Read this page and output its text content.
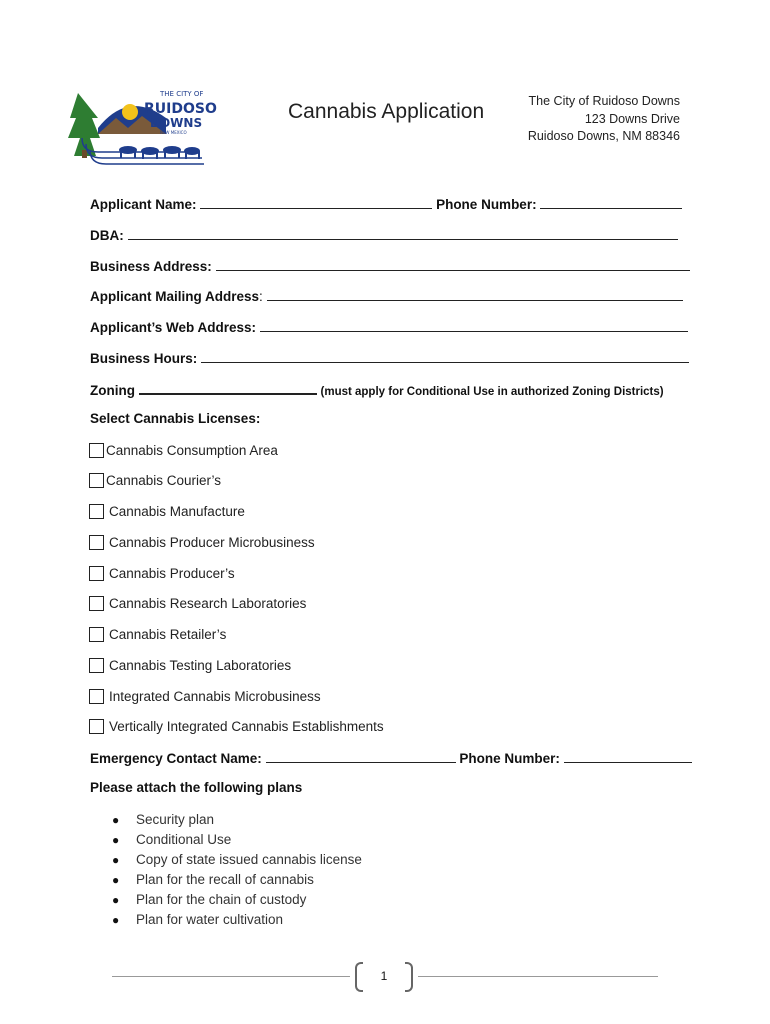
THE CITY OF
RUIDOSO
DOWNS
NEW MEXICO
Cannabis Application	The City of Ruidoso Downs
123 Downs Drive
Ruidoso Downs, NM 88346
Applicant Name:	Phone Number:
DBA:
Business Address:
Applicant Mailing Address:
Applicant’s Web Address:
Business Hours:
Zoning	(must apply for Conditional Use in authorized Zoning Districts)
Select Cannabis Licenses:
Cannabis Consumption Area
Cannabis Courier’s
Cannabis Manufacture
Cannabis Producer Microbusiness
Cannabis Producer’s
Cannabis Research Laboratories
Cannabis Retailer’s
Cannabis Testing Laboratories
Integrated Cannabis Microbusiness
Vertically Integrated Cannabis Establishments
Emergency Contact Name:	Phone Number:
Please attach the following plans
●	Security plan
●	Conditional Use
●	Copy of state issued cannabis license
●	Plan for the recall of cannabis
●	Plan for the chain of custody
●	Plan for water cultivation
1
